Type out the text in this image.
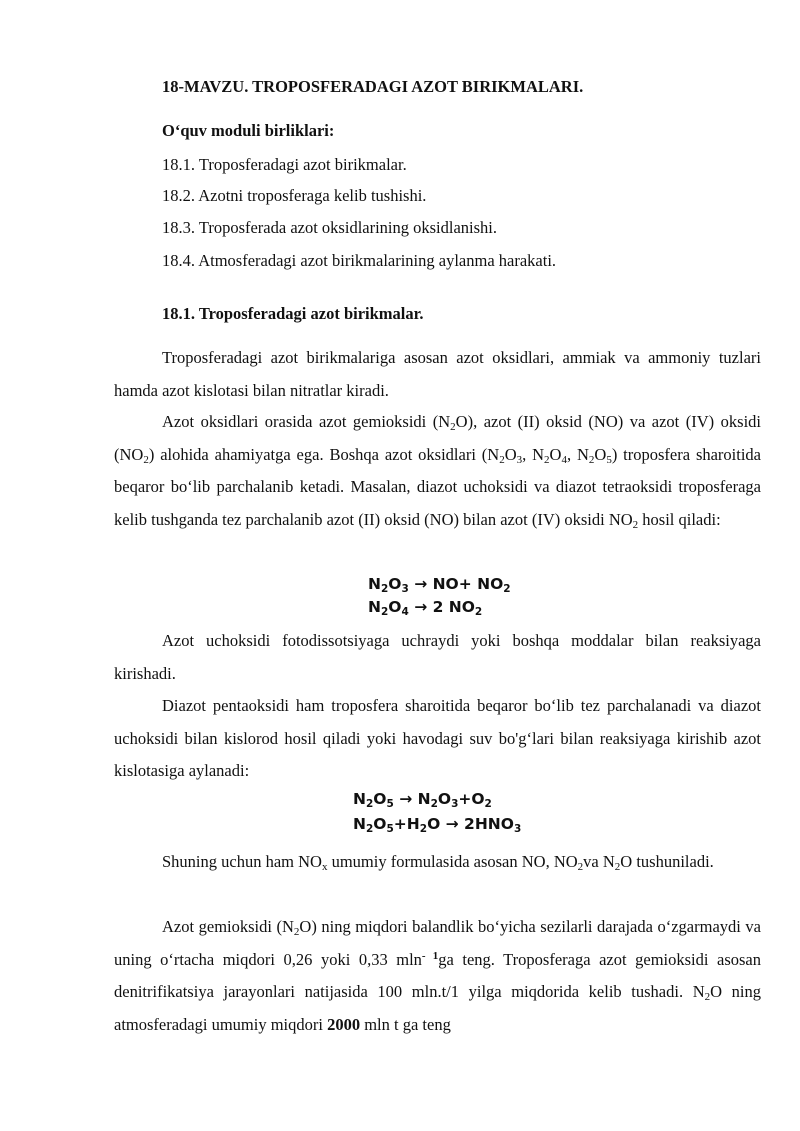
18-MAVZU. TROPOSFERADAGI AZOT BIRIKMALARI.
O‘quv moduli birliklari:
18.1. Troposferadagi azot birikmalar.
18.2. Azotni troposferaga kelib tushishi.
18.3. Troposferada azot oksidlarining oksidlanishi.
18.4. Atmosferadagi azot birikmalarining aylanma harakati.
18.1. Troposferadagi azot birikmalar.
Troposferadagi azot birikmalariga asosan azot oksidlari, ammiak va ammoniy tuzlari hamda azot kislotasi bilan nitratlar kiradi.
Azot oksidlari orasida azot gemioksidi $(N_2O)$, azot (II) oksid (NO) va azot (IV) oksidi $(NO_2)$ alohida ahamiyatga ega. Boshqa azot oksidlari ($N_2O_3$, $N_2O_4$, $N_2O_5$) troposfera sharoitida beqaror bo‘lib parchalanib ketadi. Masalan, diazot uchoksidi va diazot tetraoksidi troposferaga kelib tushganda tez parchalanib azot (II) oksid (NO) bilan azot (IV) oksidi $NO_2$ hosil qiladi:
$N_2O_3 \to NO+ NO_2$
$N_2O_4 \to 2$ $NO_2$
Azot uchoksidi fotodissotsiyaga uchraydi yoki boshqa moddalar bilan reaksiyaga kirishadi.
Diazot pentaoksidi ham troposfera sharoitida beqaror bo‘lib tez parchalanadi va diazot uchoksidi bilan kislorod hosil qiladi yoki havodagi suv bo'g‘lari bilan reaksiyaga kirishib azot kislotasiga aylanadi:
$N_2O_5 \to N_2O_3+O_2$
$N_2O_5+H_2O \to 2HNO_3$
Shuning uchun ham $NO_x$ umumiy formulasida asosan NO, $NO_2va$ $N_2O$ tushuniladi.
Azot gemioksidi $(N_2O)$ ning miqdori balandlik bo‘yicha sezilarli darajada o‘zgarmaydi va uning o‘rtacha miqdori 0,26 yoki 0,33 mln$^{- 1}$ga teng. Troposferaga azot gemioksidi asosan denitrifikatsiya jarayonlari natijasida 100 mln.t/1 yilga miqdorida kelib tushadi. $N_2O$ ning atmosferadagi umumiy miqdori 2000 mln t ga teng
